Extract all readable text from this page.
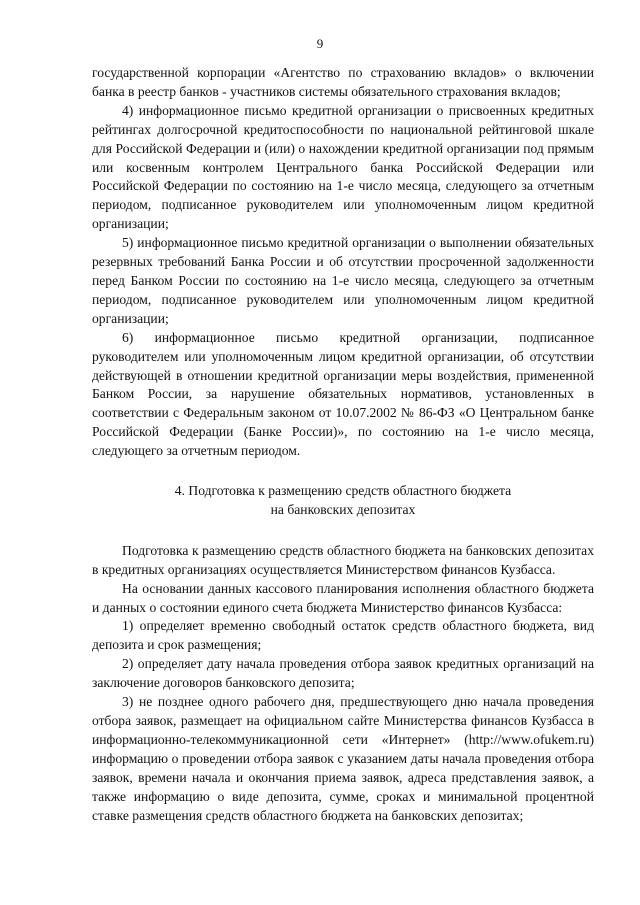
9

государственной корпорации «Агентство по страхованию вкладов» о включении банка в реестр банков - участников системы обязательного страхования вкладов;

4) информационное письмо кредитной организации о присвоенных кредитных рейтингах долгосрочной кредитоспособности по национальной рейтинговой шкале для Российской Федерации и (или) о нахождении кредитной организации под прямым или косвенным контролем Центрального банка Российской Федерации или Российской Федерации по состоянию на 1-е число месяца, следующего за отчетным периодом, подписанное руководителем или уполномоченным лицом кредитной организации;

5) информационное письмо кредитной организации о выполнении обязательных резервных требований Банка России и об отсутствии просроченной задолженности перед Банком России по состоянию на 1-е число месяца, следующего за отчетным периодом, подписанное руководителем или уполномоченным лицом кредитной организации;

6) информационное письмо кредитной организации, подписанное руководителем или уполномоченным лицом кредитной организации, об отсутствии действующей в отношении кредитной организации меры воздействия, примененной Банком России, за нарушение обязательных нормативов, установленных в соответствии с Федеральным законом от 10.07.2002 № 86-ФЗ «О Центральном банке Российской Федерации (Банке России)», по состоянию на 1-е число месяца, следующего за отчетным периодом.

4. Подготовка к размещению средств областного бюджета
на банковских депозитах

Подготовка к размещению средств областного бюджета на банковских депозитах в кредитных организациях осуществляется Министерством финансов Кузбасса.

На основании данных кассового планирования исполнения областного бюджета и данных о состоянии единого счета бюджета Министерство финансов Кузбасса:

1) определяет временно свободный остаток средств областного бюджета, вид депозита и срок размещения;

2) определяет дату начала проведения отбора заявок кредитных организаций на заключение договоров банковского депозита;

3) не позднее одного рабочего дня, предшествующего дню начала проведения отбора заявок, размещает на официальном сайте Министерства финансов Кузбасса в информационно-телекоммуникационной сети «Интернет» (http://www.ofukem.ru) информацию о проведении отбора заявок с указанием даты начала проведения отбора заявок, времени начала и окончания приема заявок, адреса представления заявок, а также информацию о виде депозита, сумме, сроках и минимальной процентной ставке размещения средств областного бюджета на банковских депозитах;
